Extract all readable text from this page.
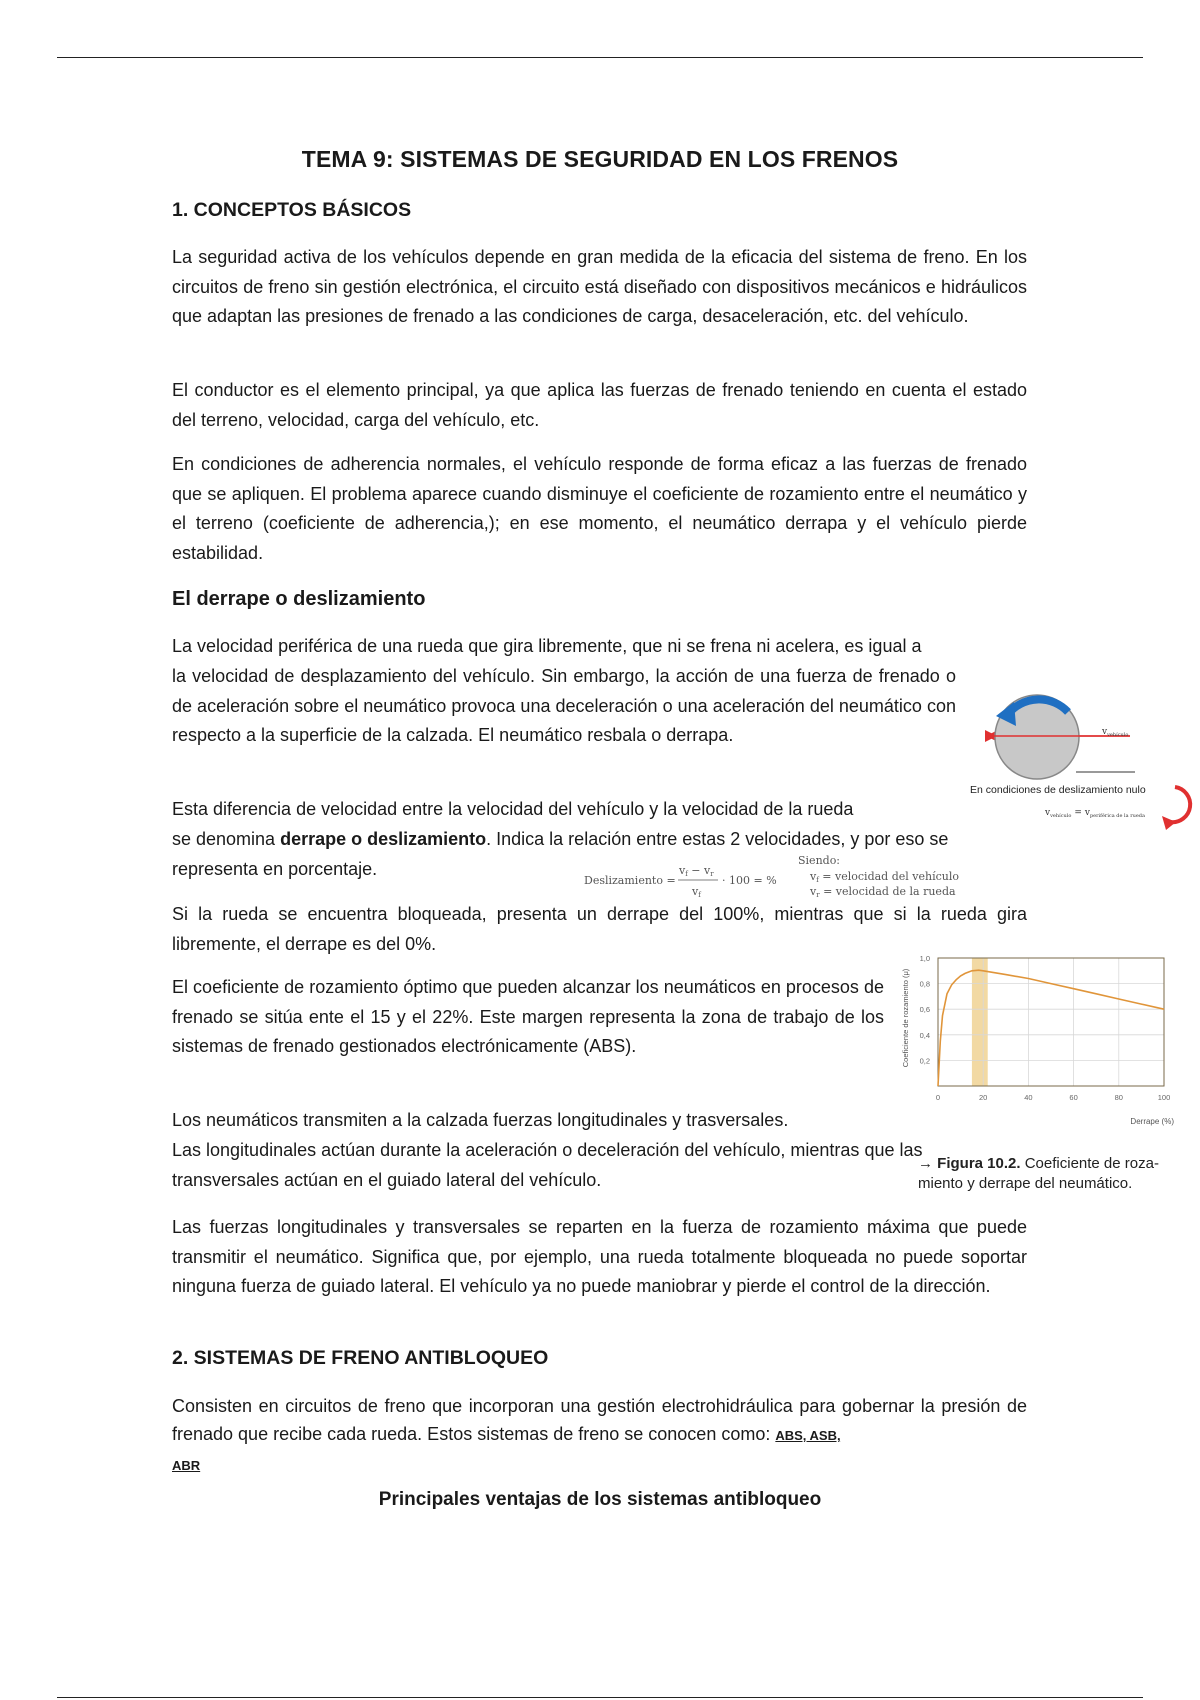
TEMA 9: SISTEMAS DE SEGURIDAD EN LOS FRENOS
1. CONCEPTOS BÁSICOS

La seguridad activa de los vehículos depende en gran medida de la eficacia del sistema de freno. En los circuitos de freno sin gestión electrónica, el circuito está diseñado con dispositivos mecánicos e hidráulicos que adaptan las presiones de frenado a las condiciones de carga, desaceleración, etc. del vehículo.

El conductor es el elemento principal, ya que aplica las fuerzas de frenado teniendo en cuenta el estado del terreno, velocidad, carga del vehículo, etc.

En condiciones de adherencia normales, el vehículo responde de forma eficaz a las fuerzas de frenado que se apliquen. El problema aparece cuando disminuye el coeficiente de rozamiento entre el neumático y el terreno (coeficiente de adherencia,); en ese momento, el neumático derrapa y el vehículo pierde estabilidad.

El derrape o deslizamiento

La velocidad periférica de una rueda que gira libremente, que ni se frena ni acelera, es igual a

la velocidad de desplazamiento del vehículo. Sin embargo, la acción de una fuerza de frenado o de aceleración sobre el neumático provoca una deceleración o una aceleración del neumático con respecto a la superficie de la calzada. El neumático resbala o derrapa.

Esta diferencia de velocidad entre la velocidad del vehículo y la velocidad de la rueda

se denomina derrape o deslizamiento. Indica la relación entre estas 2 velocidades, y por eso se representa en porcentaje.

Si la rueda se encuentra bloqueada, presenta un derrape del 100%, mientras que si la rueda gira libremente, el derrape es del 0%.

El coeficiente de rozamiento óptimo que pueden alcanzar los neumáticos en procesos de frenado se sitúa ente el 15 y el 22%. Este margen representa la zona de trabajo de los sistemas de frenado gestionados electrónicamente (ABS).

Los neumáticos transmiten a la calzada fuerzas longitudinales y trasversales.

Las longitudinales actúan durante la aceleración o deceleración del vehículo, mientras que las

transversales actúan en el guiado lateral del vehículo.

Las fuerzas longitudinales y transversales se reparten en la fuerza de rozamiento máxima que puede transmitir el neumático. Significa que, por ejemplo, una rueda totalmente bloqueada no puede soportar ninguna fuerza de guiado lateral. El vehículo ya no puede maniobrar y pierde el control de la dirección.

2. SISTEMAS DE FRENO ANTIBLOQUEO

Consisten en circuitos de freno que incorporan una gestión electrohidráulica para gobernar la presión de frenado que recibe cada rueda. Estos sistemas de freno se conocen como: ABS, ASB,
ABR

Principales ventajas de los sistemas antibloqueo
$v_{vehículo}$
En condiciones de deslizamiento nulo
$v_{vehículo} = v_{periférica de la rueda}$
Deslizamiento =
vf − vr
vf
· 100 = %
Siendo:
vf = velocidad del vehículo
vr = velocidad de la rueda
Coeficiente de rozamiento (μ)
Derrape (%)
0,2
0,4
0,6
0,8
1,0
0	20	40	60	80	100
→ Figura 10.2. Coeficiente de roza-miento y derrape del neumático.
